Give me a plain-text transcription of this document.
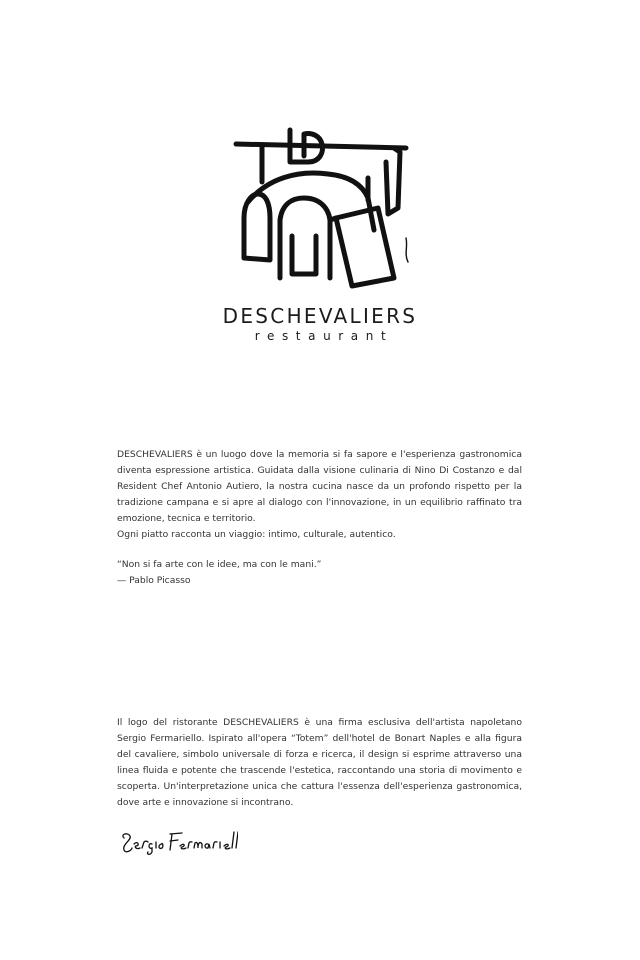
DESCHEVALIERS
restaurant

DESCHEVALIERS è un luogo dove la memoria si fa sapore e l'esperienza gastronomica diventa espressione artistica. Guidata dalla visione culinaria di Nino Di Costanzo e dal Resident Chef Antonio Autiero, la nostra cucina nasce da un profondo rispetto per la tradizione campana e si apre al dialogo con l'innovazione, in un equilibrio raffinato tra emozione, tecnica e territorio.

Ogni piatto racconta un viaggio: intimo, culturale, autentico.
“Non si fa arte con le idee, ma con le mani.”
— Pablo Picasso

Il logo del ristorante DESCHEVALIERS è una firma esclusiva dell'artista napoletano Sergio Fermariello. Ispirato all'opera “Totem” dell'hotel de Bonart Naples e alla figura del cavaliere, simbolo universale di forza e ricerca, il design si esprime attraverso una linea fluida e potente che trascende l'estetica, raccontando una storia di movimento e scoperta. Un'interpretazione unica che cattura l'essenza dell'esperienza gastronomica, dove arte e innovazione si incontrano.
